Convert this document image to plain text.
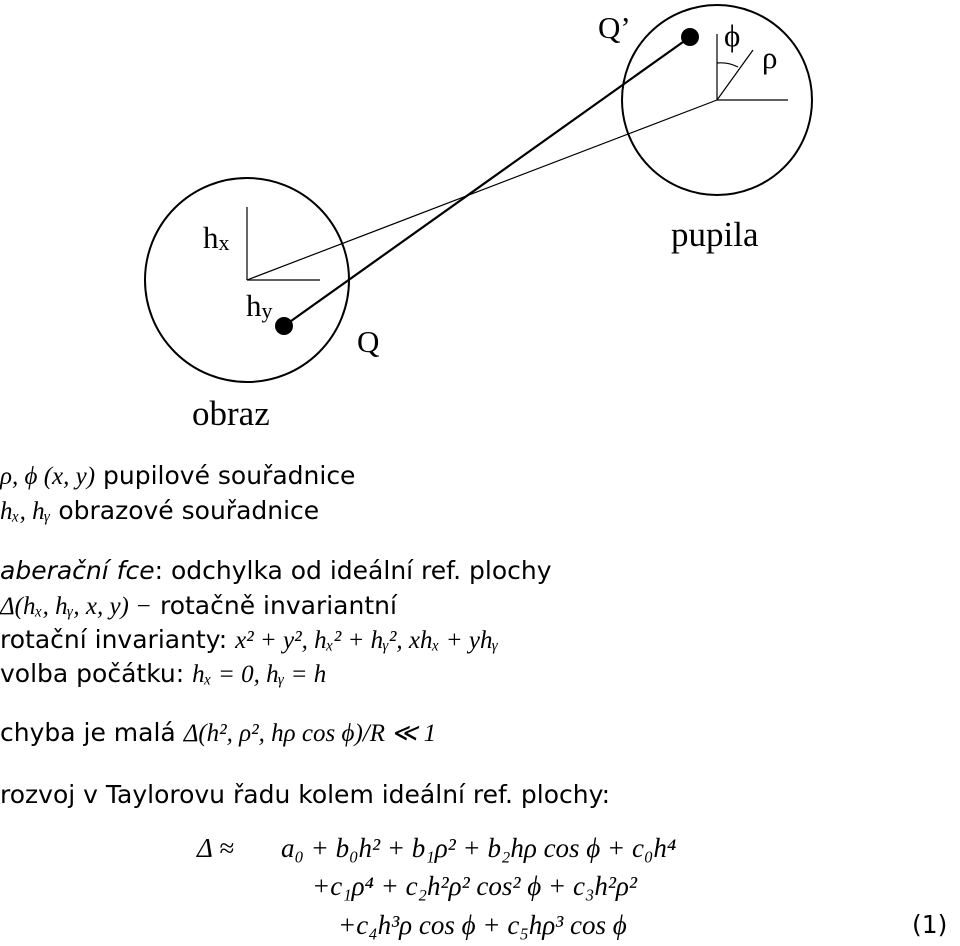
Q’	ϕ
ρ
hx
hy
Q
pupila
obraz
ρ, ϕ (x, y) pupilové souřadnice
hₓ, hᵧ obrazové souřadnice
aberační fce: odchylka od ideální ref. plochy
Δ(hₓ, hᵧ, x, y) − rotačně invariantní
rotační invarianty: x² + y², hₓ² + hᵧ², xhₓ + yhᵧ
volba počátku: hₓ = 0, hᵧ = h
chyba je malá Δ(h², ρ², hρ cos ϕ)/R ≪ 1
rozvoj v Taylorovu řadu kolem ideální ref. plochy:
Δ ≈ a₀ + b₀h² + b₁ρ² + b₂hρ cos ϕ + c₀h⁴
+c₁ρ⁴ + c₂h²ρ² cos² ϕ + c₃h²ρ²
+c₄h³ρ cos ϕ + c₅hρ³ cos ϕ	(1)
